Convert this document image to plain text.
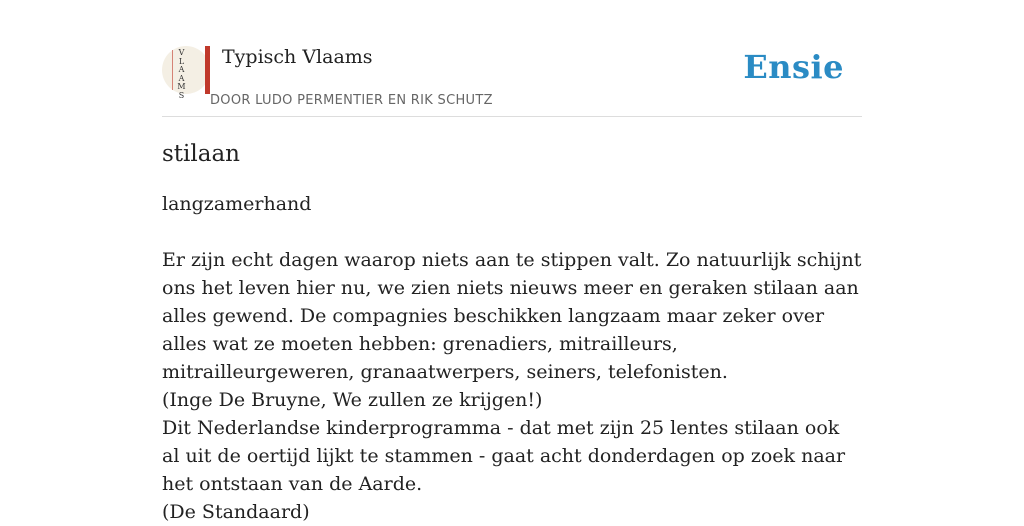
V
L
A
A
M
S
Typisch Vlaams
DOOR LUDO PERMENTIER EN RIK SCHUTZ
Ensie
stilaan

langzamerhand

Er zijn echt dagen waarop niets aan te stippen valt. Zo natuurlijk schijnt ons het leven hier nu, we zien niets nieuws meer en geraken stilaan aan alles gewend. De compagnies beschikken langzaam maar zeker over alles wat ze moeten hebben: grenadiers, mitrailleurs, mitrailleurgeweren, granaatwerpers, seiners, telefonisten.
(Inge De Bruyne, We zullen ze krijgen!)
Dit Nederlandse kinderprogramma - dat met zijn 25 lentes stilaan ook al uit de oertijd lijkt te stammen - gaat acht donderdagen op zoek naar het ontstaan van de Aarde.
(De Standaard)
